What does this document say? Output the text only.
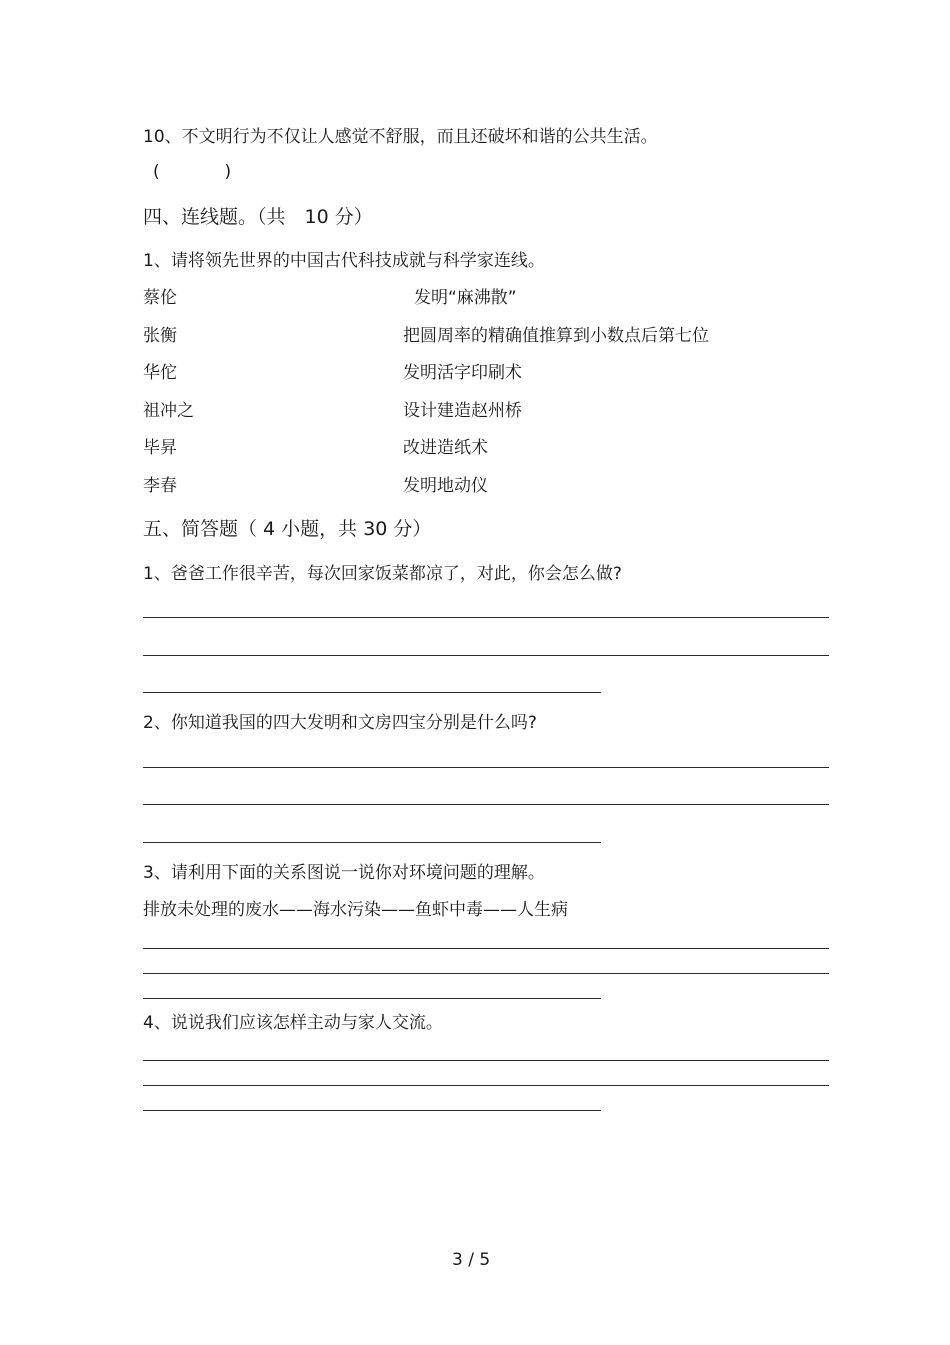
10、不文明行为不仅让人感觉不舒服，而且还破坏和谐的公共生活。
(            )
四、连线题。（共　10 分）
1、请将领先世界的中国古代科技成就与科学家连线。
蔡伦
张衡
华佗
祖冲之
毕昇
李春
发明“麻沸散”
把圆周率的精确值推算到小数点后第七位
发明活字印刷术
设计建造赵州桥
改进造纸术
发明地动仪
五、简答题（ 4 小题，共 30 分）
1、爸爸工作很辛苦，每次回家饭菜都凉了，对此，你会怎么做?
2、你知道我国的四大发明和文房四宝分别是什么吗?
3、请利用下面的关系图说一说你对环境问题的理解。
排放未处理的废水——海水污染——鱼虾中毒——人生病
4、说说我们应该怎样主动与家人交流。
3 / 5
